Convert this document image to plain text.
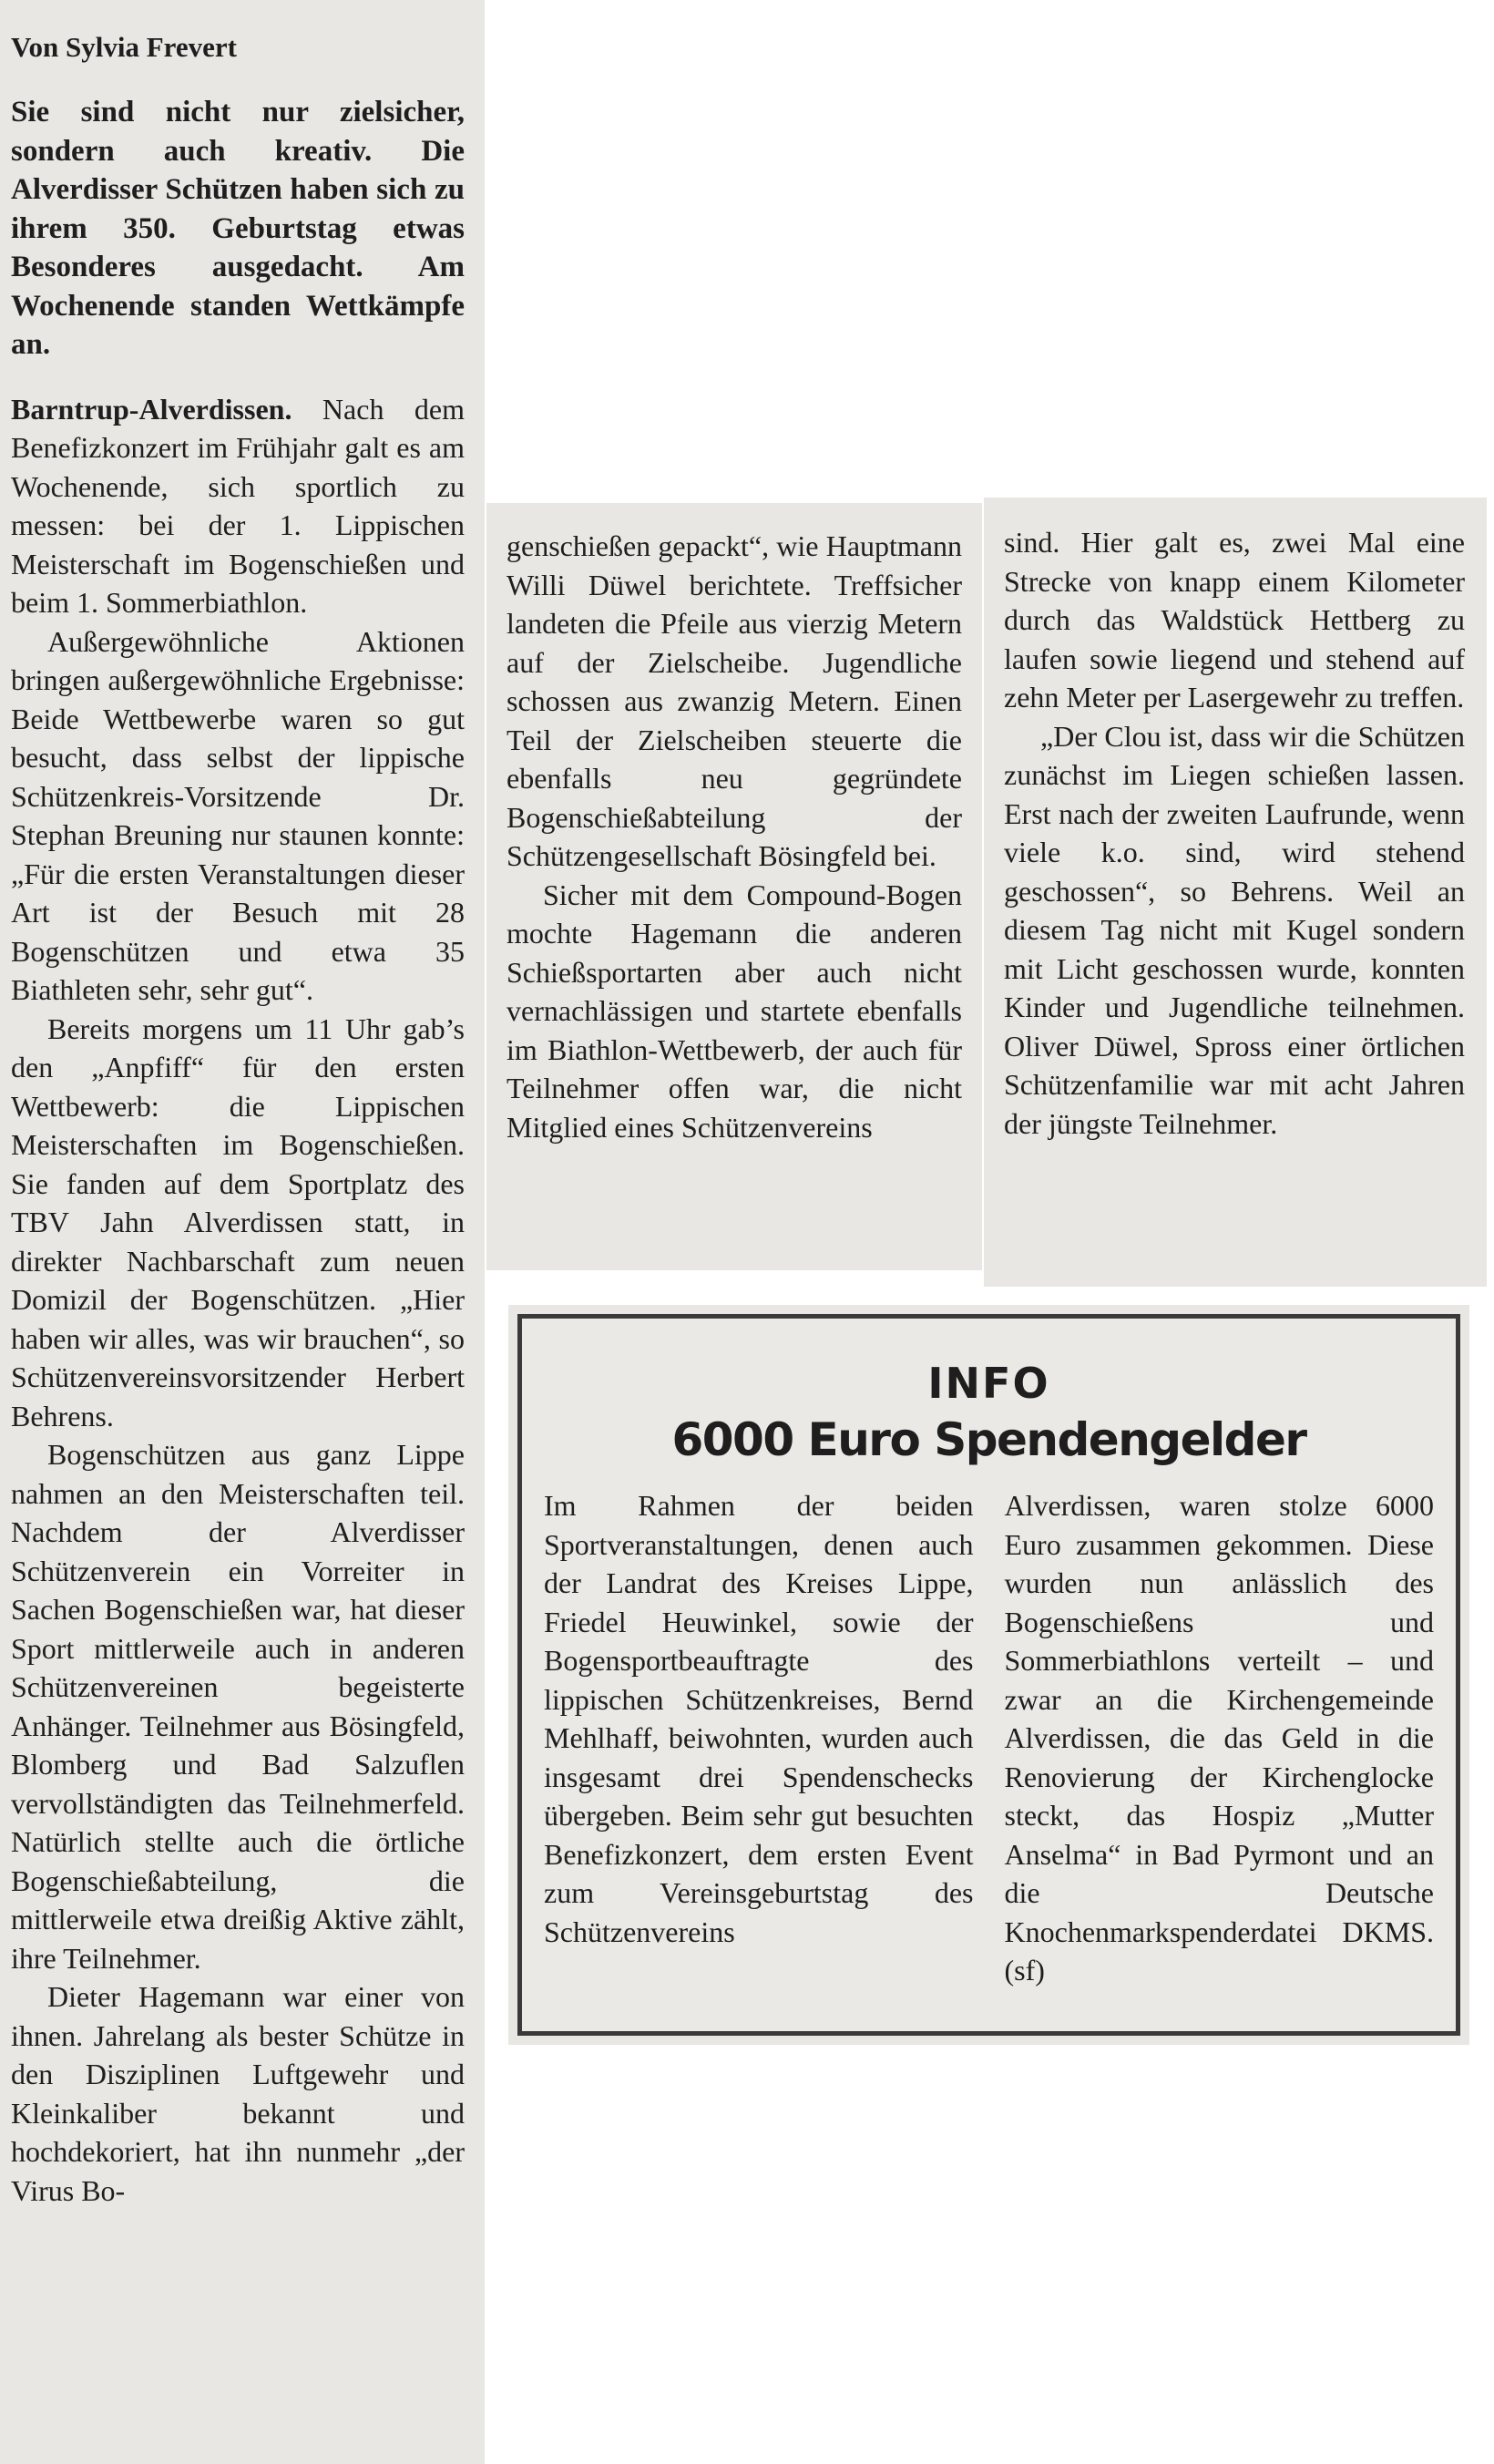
Von Sylvia Frevert
Sie sind nicht nur zielsicher, sondern auch kreativ. Die Alverdisser Schützen haben sich zu ihrem 350. Geburtstag etwas Besonderes ausgedacht. Am Wochenende standen Wettkämpfe an.

Barntrup-Alverdissen. Nach dem Benefizkonzert im Frühjahr galt es am Wochenende, sich sportlich zu messen: bei der 1. Lippischen Meisterschaft im Bogenschießen und beim 1. Sommerbiathlon.

Außergewöhnliche Aktionen bringen außergewöhnliche Ergebnisse: Beide Wettbewerbe waren so gut besucht, dass selbst der lippische Schützenkreis-Vorsitzende Dr. Stephan Breuning nur staunen konnte: „Für die ersten Veranstaltungen dieser Art ist der Besuch mit 28 Bogenschützen und etwa 35 Biathleten sehr, sehr gut“.

Bereits morgens um 11 Uhr gab’s den „Anpfiff“ für den ersten Wettbewerb: die Lippischen Meisterschaften im Bogenschießen. Sie fanden auf dem Sportplatz des TBV Jahn Alverdissen statt, in direkter Nachbarschaft zum neuen Domizil der Bogenschützen. „Hier haben wir alles, was wir brauchen“, so Schützenvereinsvorsitzender Herbert Behrens.

Bogenschützen aus ganz Lippe nahmen an den Meisterschaften teil. Nachdem der Alverdisser Schützenverein ein Vorreiter in Sachen Bogenschießen war, hat dieser Sport mittlerweile auch in anderen Schützenvereinen begeisterte Anhänger. Teilnehmer aus Bösingfeld, Blomberg und Bad Salzuflen vervollständigten das Teilnehmerfeld. Natürlich stellte auch die örtliche Bogenschießabteilung, die mittlerweile etwa dreißig Aktive zählt, ihre Teilnehmer.

Dieter Hagemann war einer von ihnen. Jahrelang als bester Schütze in den Disziplinen Luftgewehr und Kleinkaliber bekannt und hochdekoriert, hat ihn nunmehr „der Virus Bo-

genschießen gepackt“, wie Hauptmann Willi Düwel berichtete. Treffsicher landeten die Pfeile aus vierzig Metern auf der Zielscheibe. Jugendliche schossen aus zwanzig Metern. Einen Teil der Zielscheiben steuerte die ebenfalls neu gegründete Bogenschießabteilung der Schützengesellschaft Bösingfeld bei.

Sicher mit dem Compound-Bogen mochte Hagemann die anderen Schießsportarten aber auch nicht vernachlässigen und startete ebenfalls im Biathlon-Wettbewerb, der auch für Teilnehmer offen war, die nicht Mitglied eines Schützenvereins

sind. Hier galt es, zwei Mal eine Strecke von knapp einem Kilometer durch das Waldstück Hettberg zu laufen sowie liegend und stehend auf zehn Meter per Lasergewehr zu treffen.

„Der Clou ist, dass wir die Schützen zunächst im Liegen schießen lassen. Erst nach der zweiten Laufrunde, wenn viele k.o. sind, wird stehend geschossen“, so Behrens. Weil an diesem Tag nicht mit Kugel sondern mit Licht geschossen wurde, konnten Kinder und Jugendliche teilnehmen. Oliver Düwel, Spross einer örtlichen Schützenfamilie war mit acht Jahren der jüngste Teilnehmer.

INFO
6000 Euro Spendengelder
Im Rahmen der beiden Sportveranstaltungen, denen auch der Landrat des Kreises Lippe, Friedel Heuwinkel, sowie der Bogensportbeauftragte des lippischen Schützenkreises, Bernd Mehlhaff, beiwohnten, wurden auch insgesamt drei Spendenschecks übergeben. Beim sehr gut besuchten Benefizkonzert, dem ersten Event zum Vereinsgeburtstag des Schützenvereins
Alverdissen, waren stolze 6000 Euro zusammen gekommen. Diese wurden nun anlässlich des Bogenschießens und Sommerbiathlons verteilt – und zwar an die Kirchengemeinde Alverdissen, die das Geld in die Renovierung der Kirchenglocke steckt, das Hospiz „Mutter Anselma“ in Bad Pyrmont und an die Deutsche Knochenmarkspenderdatei DKMS. (sf)
